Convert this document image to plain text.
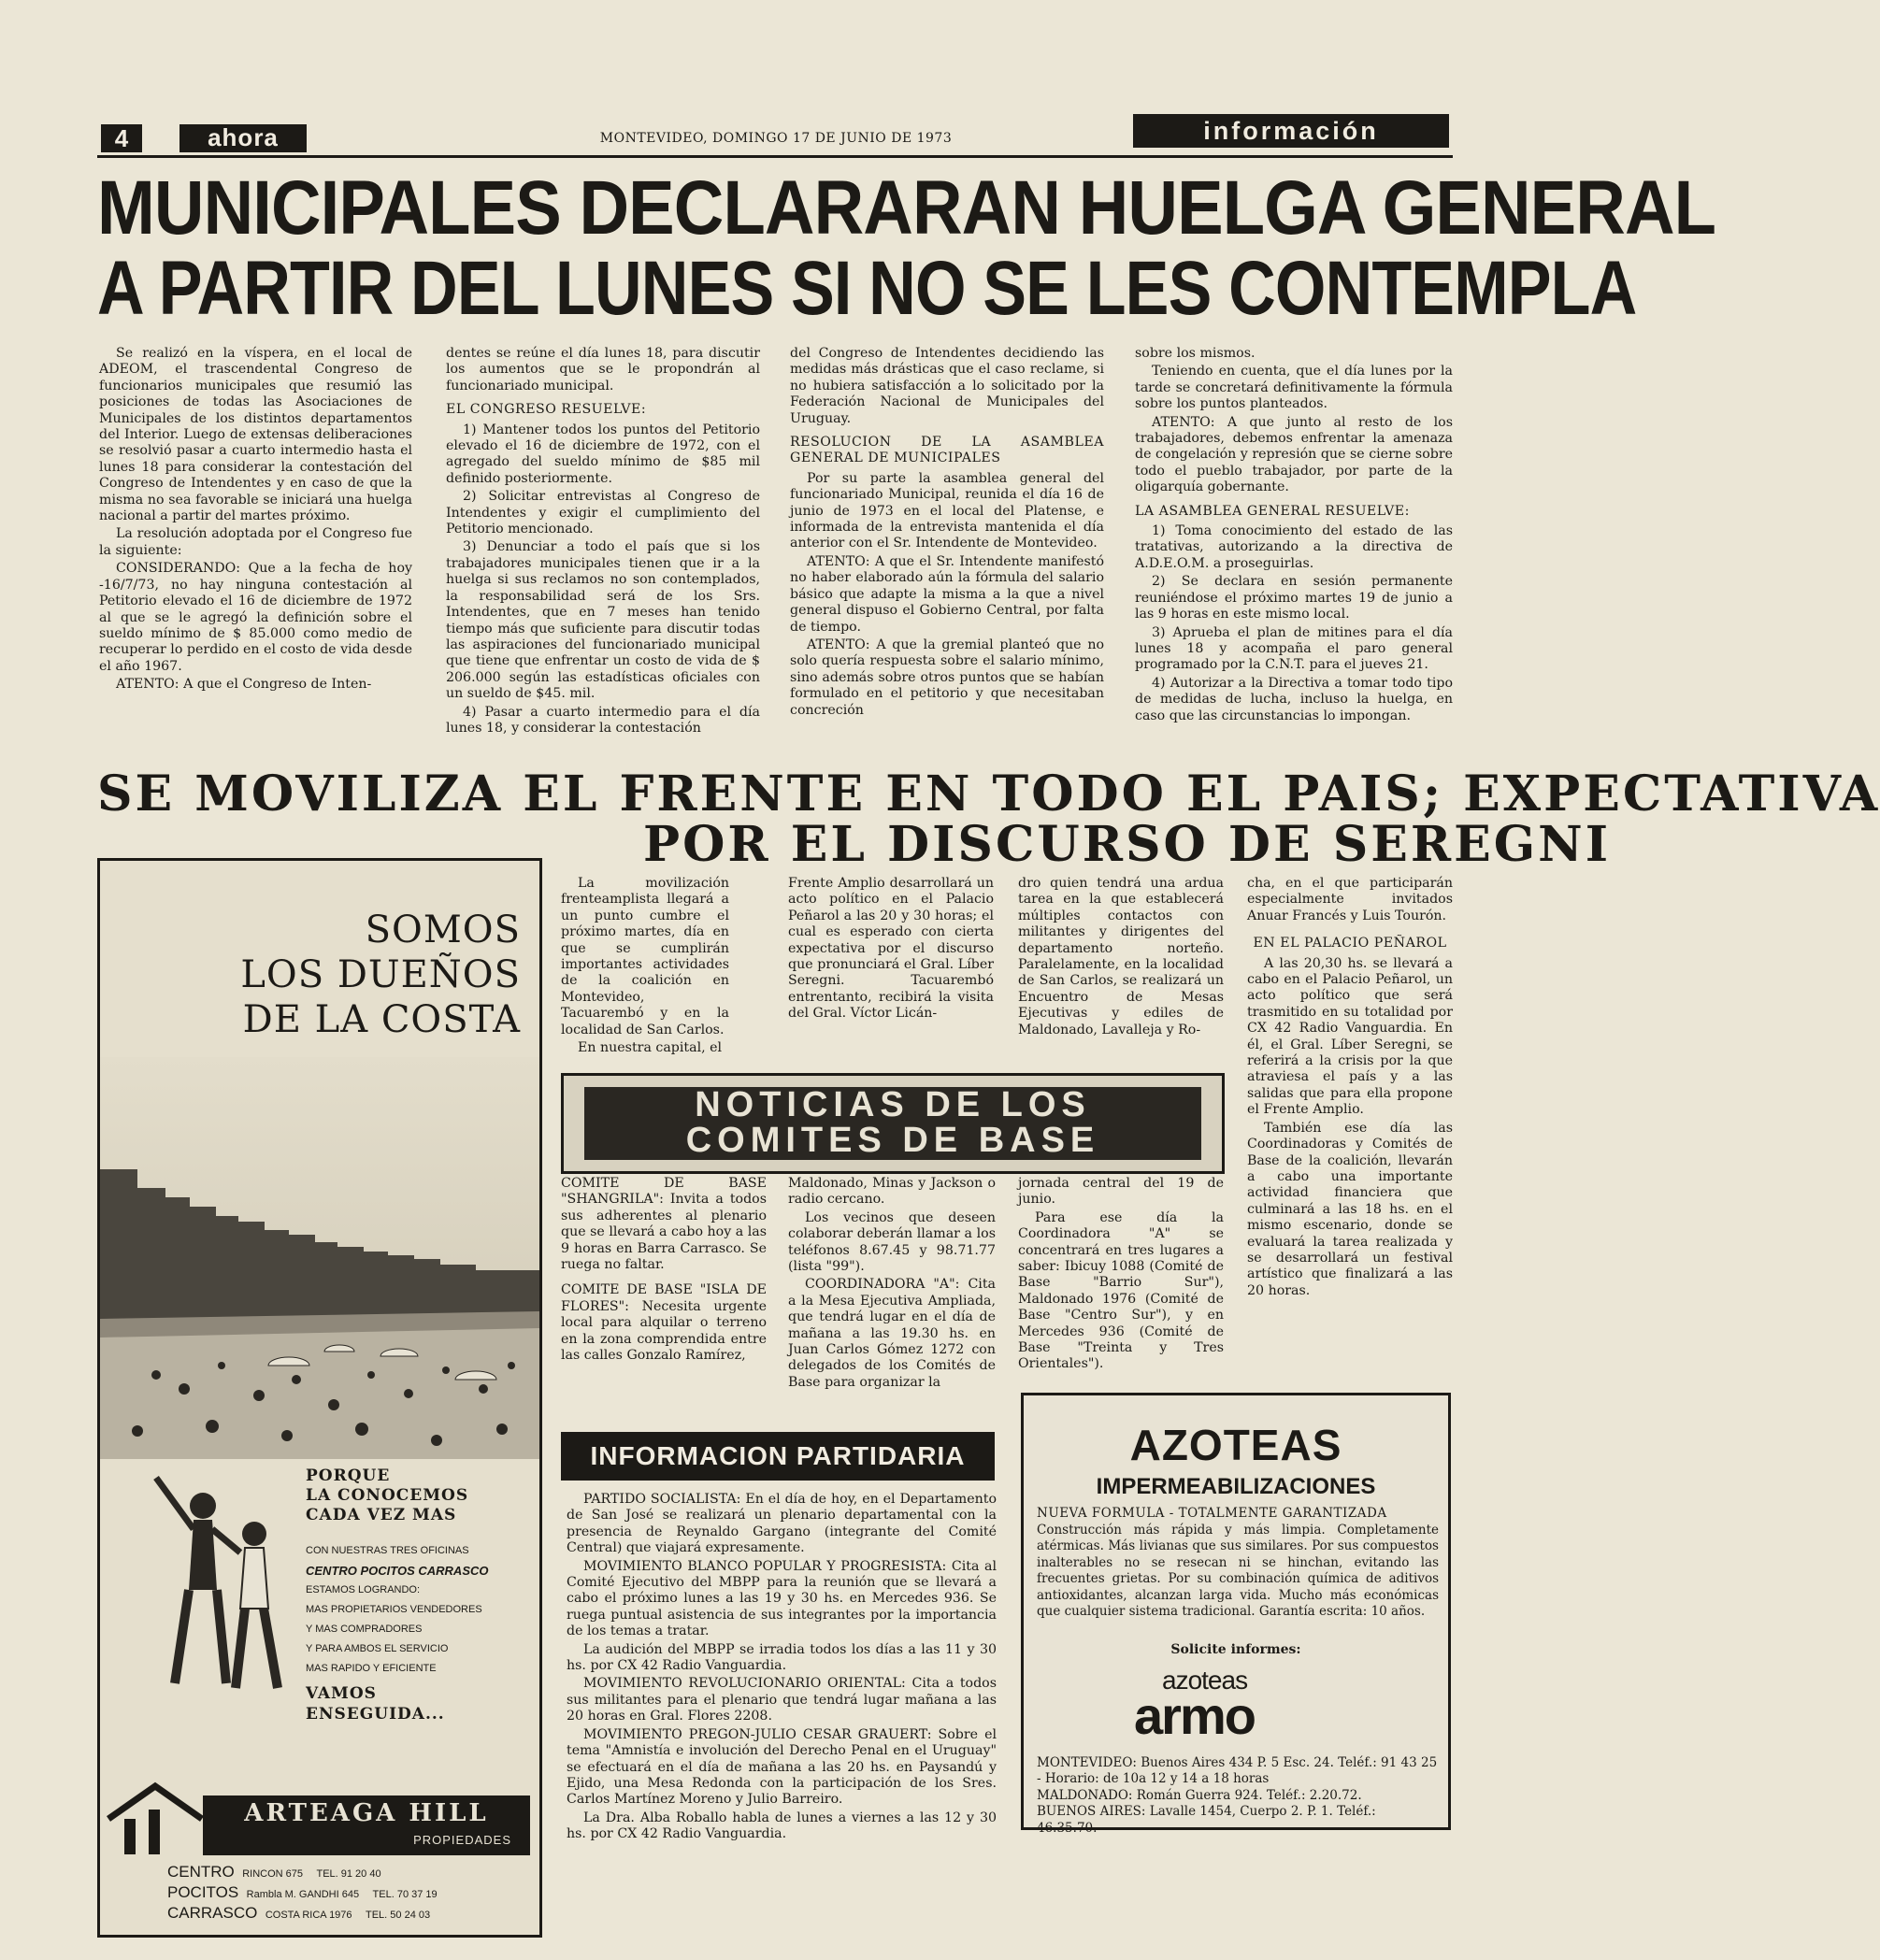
4	ahora	MONTEVIDEO, DOMINGO 17 DE JUNIO DE 1973	información
MUNICIPALES DECLARARAN HUELGA GENERAL
A PARTIR DEL LUNES SI NO SE LES CONTEMPLA

Se realizó en la víspera, en el local de ADEOM, el trascendental Congreso de funcionarios municipales que resumió las posiciones de todas las Asociaciones de Municipales de los distintos departamentos del Interior. Luego de extensas deliberaciones se resolvió pasar a cuarto intermedio hasta el lunes 18 para considerar la contestación del Congreso de Intendentes y en caso de que la misma no sea favorable se iniciará una huelga nacional a partir del martes próximo.

La resolución adoptada por el Congreso fue la siguiente:

CONSIDERANDO: Que a la fecha de hoy -16/7/73, no hay ninguna contestación al Petitorio elevado el 16 de diciembre de 1972 al que se le agregó la definición sobre el sueldo mínimo de $ 85.000 como medio de recuperar lo perdido en el costo de vida desde el año 1967.

ATENTO: A que el Congreso de Inten-

dentes se reúne el día lunes 18, para discutir los aumentos que se le propondrán al funcionariado municipal.

EL CONGRESO RESUELVE:

1) Mantener todos los puntos del Petitorio elevado el 16 de diciembre de 1972, con el agregado del sueldo mínimo de $85 mil definido posteriormente.

2) Solicitar entrevistas al Congreso de Intendentes y exigir el cumplimiento del Petitorio mencionado.

3) Denunciar a todo el país que si los trabajadores municipales tienen que ir a la huelga si sus reclamos no son contemplados, la responsabilidad será de los Srs. Intendentes, que en 7 meses han tenido tiempo más que suficiente para discutir todas las aspiraciones del funcionariado municipal que tiene que enfrentar un costo de vida de $ 206.000 según las estadísticas oficiales con un sueldo de $45. mil.

4) Pasar a cuarto intermedio para el día lunes 18, y considerar la contestación

del Congreso de Intendentes decidiendo las medidas más drásticas que el caso reclame, si no hubiera satisfacción a lo solicitado por la Federación Nacional de Municipales del Uruguay.

RESOLUCION DE LA ASAMBLEA GENERAL DE MUNICIPALES

Por su parte la asamblea general del funcionariado Municipal, reunida el día 16 de junio de 1973 en el local del Platense, e informada de la entrevista mantenida el día anterior con el Sr. Intendente de Montevideo.

ATENTO: A que el Sr. Intendente manifestó no haber elaborado aún la fórmula del salario básico que adapte la misma a la que a nivel general dispuso el Gobierno Central, por falta de tiempo.

ATENTO: A que la gremial planteó que no solo quería respuesta sobre el salario mínimo, sino además sobre otros puntos que se habían formulado en el petitorio y que necesitaban concreción

sobre los mismos.

Teniendo en cuenta, que el día lunes por la tarde se concretará definitivamente la fórmula sobre los puntos planteados.

ATENTO: A que junto al resto de los trabajadores, debemos enfrentar la amenaza de congelación y represión que se cierne sobre todo el pueblo trabajador, por parte de la oligarquía gobernante.

LA ASAMBLEA GENERAL RESUELVE:

1) Toma conocimiento del estado de las tratativas, autorizando a la directiva de A.D.E.O.M. a proseguirlas.

2) Se declara en sesión permanente reuniéndose el próximo martes 19 de junio a las 9 horas en este mismo local.

3) Aprueba el plan de mitines para el día lunes 18 y acompaña el paro general programado por la C.N.T. para el jueves 21.

4) Autorizar a la Directiva a tomar todo tipo de medidas de lucha, incluso la huelga, en caso que las circunstancias lo impongan.

SE MOVILIZA EL FRENTE EN TODO EL PAIS; EXPECTATIVA
POR EL DISCURSO DE SEREGNI
SOMOS
LOS DUEÑOS
DE LA COSTA
PORQUE
LA CONOCEMOS
CADA VEZ MAS
CON NUESTRAS TRES OFICINAS
CENTRO POCITOS CARRASCO
ESTAMOS LOGRANDO:
MAS PROPIETARIOS VENDEDORES
Y MAS COMPRADORES
Y PARA AMBOS EL SERVICIO
MAS RAPIDO Y EFICIENTE
VAMOS
ENSEGUIDA...
ARTEAGA HILL
PROPIEDADES
CENTRO RINCON 675 TEL. 91 20 40
POCITOS Rambla M. GANDHI 645 TEL. 70 37 19
CARRASCO COSTA RICA 1976 TEL. 50 24 03

La movilización frenteamplista llegará a un punto cumbre el próximo martes, día en que se cumplirán importantes actividades de la coalición en Montevideo, Tacuarembó y en la localidad de San Carlos.

En nuestra capital, el

Frente Amplio desarrollará un acto político en el Palacio Peñarol a las 20 y 30 horas; el cual es esperado con cierta expectativa por el discurso que pronunciará el Gral. Líber Seregni. Tacuarembó entrentanto, recibirá la visita del Gral. Víctor Licán-

dro quien tendrá una ardua tarea en la que establecerá múltiples contactos con militantes y dirigentes del departamento norteño. Paralelamente, en la localidad de San Carlos, se realizará un Encuentro de Mesas Ejecutivas y ediles de Maldonado, Lavalleja y Ro-

cha, en el que participarán especialmente invitados Anuar Francés y Luis Tourón.

EN EL PALACIO PEÑAROL

A las 20,30 hs. se llevará a cabo en el Palacio Peñarol, un acto político que será trasmitido en su totalidad por CX 42 Radio Vanguardia. En él, el Gral. Líber Seregni, se referirá a la crisis por la que atraviesa el país y a las salidas que para ella propone el Frente Amplio.

También ese día las Coordinadoras y Comités de Base de la coalición, llevarán a cabo una importante actividad financiera que culminará a las 18 hs. en el mismo escenario, donde se evaluará la tarea realizada y se desarrollará un festival artístico que finalizará a las 20 horas.

NOTICIAS DE LOS
COMITES DE BASE

COMITE DE BASE "SHANGRILA": Invita a todos sus adherentes al plenario que se llevará a cabo hoy a las 9 horas en Barra Carrasco. Se ruega no faltar.

COMITE DE BASE "ISLA DE FLORES": Necesita urgente local para alquilar o terreno en la zona comprendida entre las calles Gonzalo Ramírez,

Maldonado, Minas y Jackson o radio cercano.

Los vecinos que deseen colaborar deberán llamar a los teléfonos 8.67.45 y 98.71.77 (lista "99").

COORDINADORA "A": Cita a la Mesa Ejecutiva Ampliada, que tendrá lugar en el día de mañana a las 19.30 hs. en Juan Carlos Gómez 1272 con delegados de los Comités de Base para organizar la

jornada central del 19 de junio.

Para ese día la Coordinadora "A" se concentrará en tres lugares a saber: Ibicuy 1088 (Comité de Base "Barrio Sur"), Maldonado 1976 (Comité de Base "Centro Sur"), y en Mercedes 936 (Comité de Base "Treinta y Tres Orientales").

INFORMACION PARTIDARIA

PARTIDO SOCIALISTA: En el día de hoy, en el Departamento de San José se realizará un plenario departamental con la presencia de Reynaldo Gargano (integrante del Comité Central) que viajará expresamente.

MOVIMIENTO BLANCO POPULAR Y PROGRESISTA: Cita al Comité Ejecutivo del MBPP para la reunión que se llevará a cabo el próximo lunes a las 19 y 30 hs. en Mercedes 936. Se ruega puntual asistencia de sus integrantes por la importancia de los temas a tratar.

La audición del MBPP se irradia todos los días a las 11 y 30 hs. por CX 42 Radio Vanguardia.

MOVIMIENTO REVOLUCIONARIO ORIENTAL: Cita a todos sus militantes para el plenario que tendrá lugar mañana a las 20 horas en Gral. Flores 2208.

MOVIMIENTO PREGON-JULIO CESAR GRAUERT: Sobre el tema "Amnistía e involución del Derecho Penal en el Uruguay" se efectuará en el día de mañana a las 20 hs. en Paysandú y Ejido, una Mesa Redonda con la participación de los Sres. Carlos Martínez Moreno y Julio Barreiro.

La Dra. Alba Roballo habla de lunes a viernes a las 12 y 30 hs. por CX 42 Radio Vanguardia.

AZOTEAS
IMPERMEABILIZACIONES
NUEVA FORMULA - TOTALMENTE GARANTIZADA
Construcción más rápida y más limpia. Completamente atérmicas. Más livianas que sus similares. Por sus compuestos inalterables no se resecan ni se hinchan, evitando las frecuentes grietas. Por su combinación química de aditivos antioxidantes, alcanzan larga vida. Mucho más económicas que cualquier sistema tradicional. Garantía escrita: 10 años.
Solicite informes:
azoteas
armo
MONTEVIDEO: Buenos Aires 434 P. 5 Esc. 24. Teléf.: 91 43 25 - Horario: de 10a 12 y 14 a 18 horas
MALDONADO: Román Guerra 924. Teléf.: 2.20.72.
BUENOS AIRES: Lavalle 1454, Cuerpo 2. P. 1. Teléf.: 46.35.70.
